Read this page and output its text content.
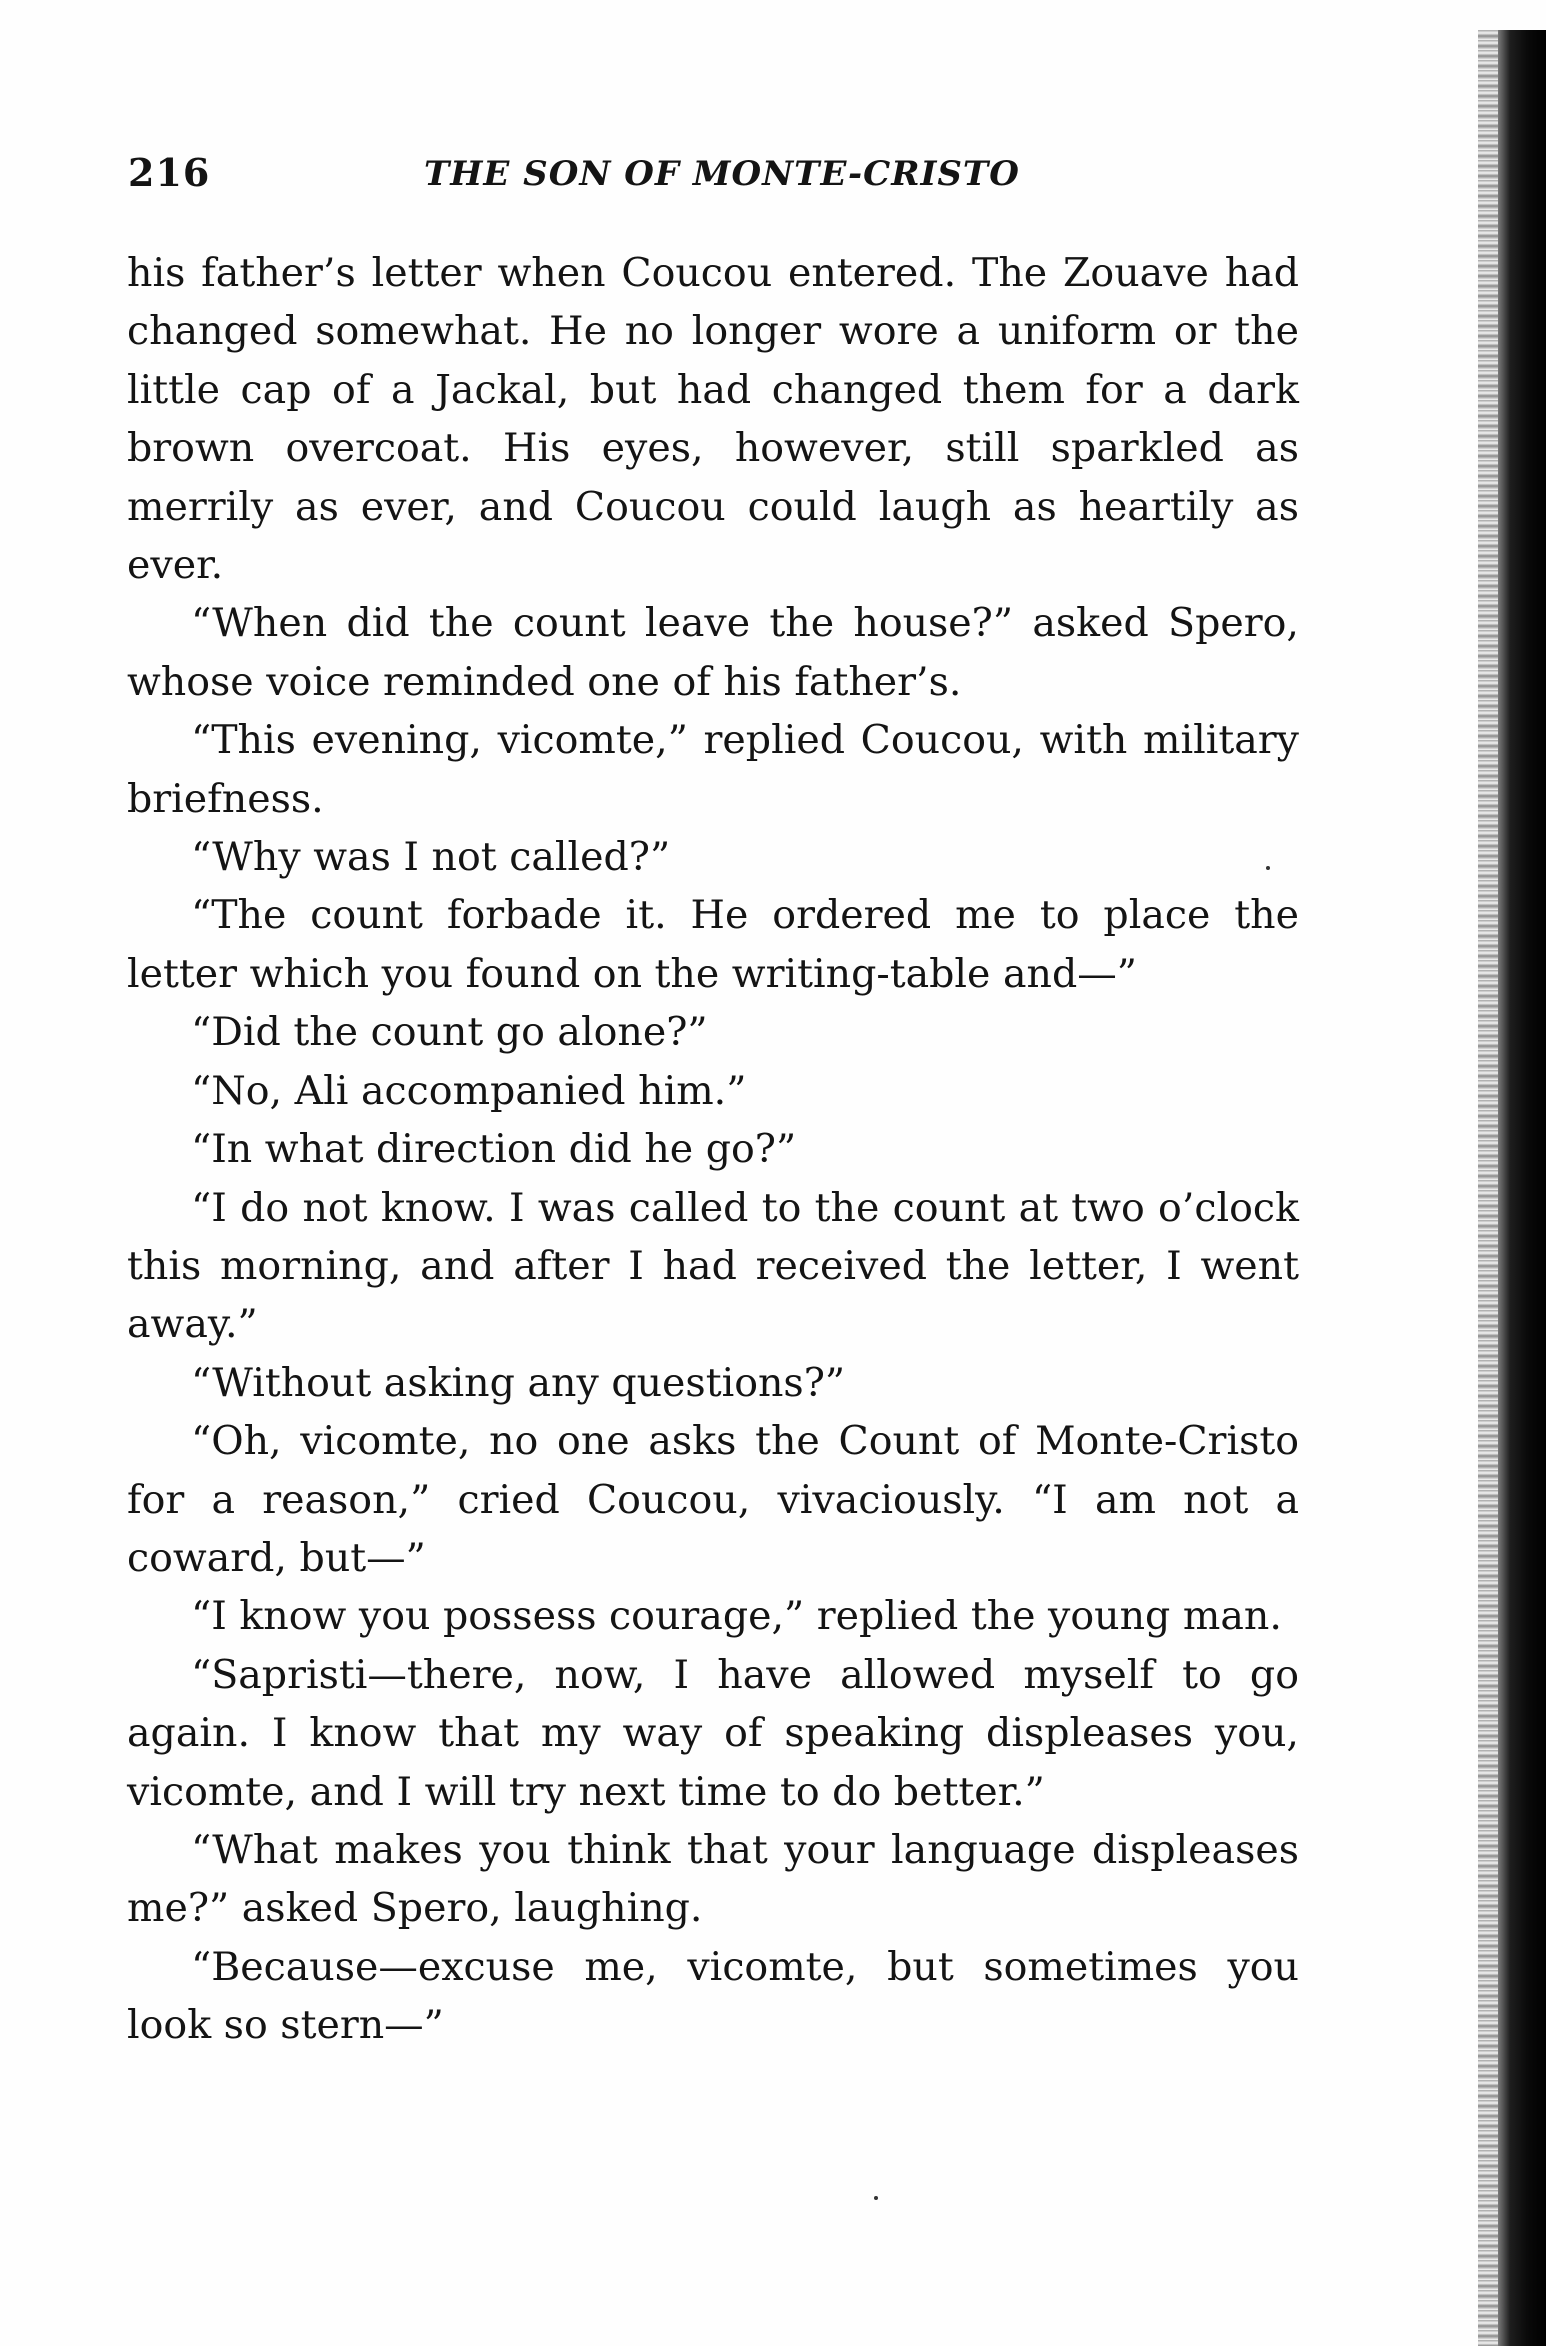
216	THE SON OF MONTE-CRISTO

his father’s letter when Coucou entered. The Zouave had changed somewhat. He no longer wore a uniform or the little cap of a Jackal, but had changed them for a dark brown overcoat. His eyes, however, still sparkled as merrily as ever, and Coucou could laugh as heartily as ever.

“When did the count leave the house?” asked Spero, whose voice reminded one of his father’s.

“This evening, vicomte,” replied Coucou, with military briefness.

“Why was I not called?”

“The count forbade it. He ordered me to place the letter which you found on the writing-table and—”

“Did the count go alone?”

“No, Ali accompanied him.”

“In what direction did he go?”

“I do not know. I was called to the count at two o’clock this morning, and after I had received the letter, I went away.”

“Without asking any questions?”

“Oh, vicomte, no one asks the Count of Monte-Cristo for a reason,” cried Coucou, vivaciously. “I am not a coward, but—”

“I know you possess courage,” replied the young man.

“Sapristi—there, now, I have allowed myself to go again. I know that my way of speaking displeases you, vicomte, and I will try next time to do better.”

“What makes you think that your language displeases me?” asked Spero, laughing.

“Because—excuse me, vicomte, but sometimes you look so stern—”
